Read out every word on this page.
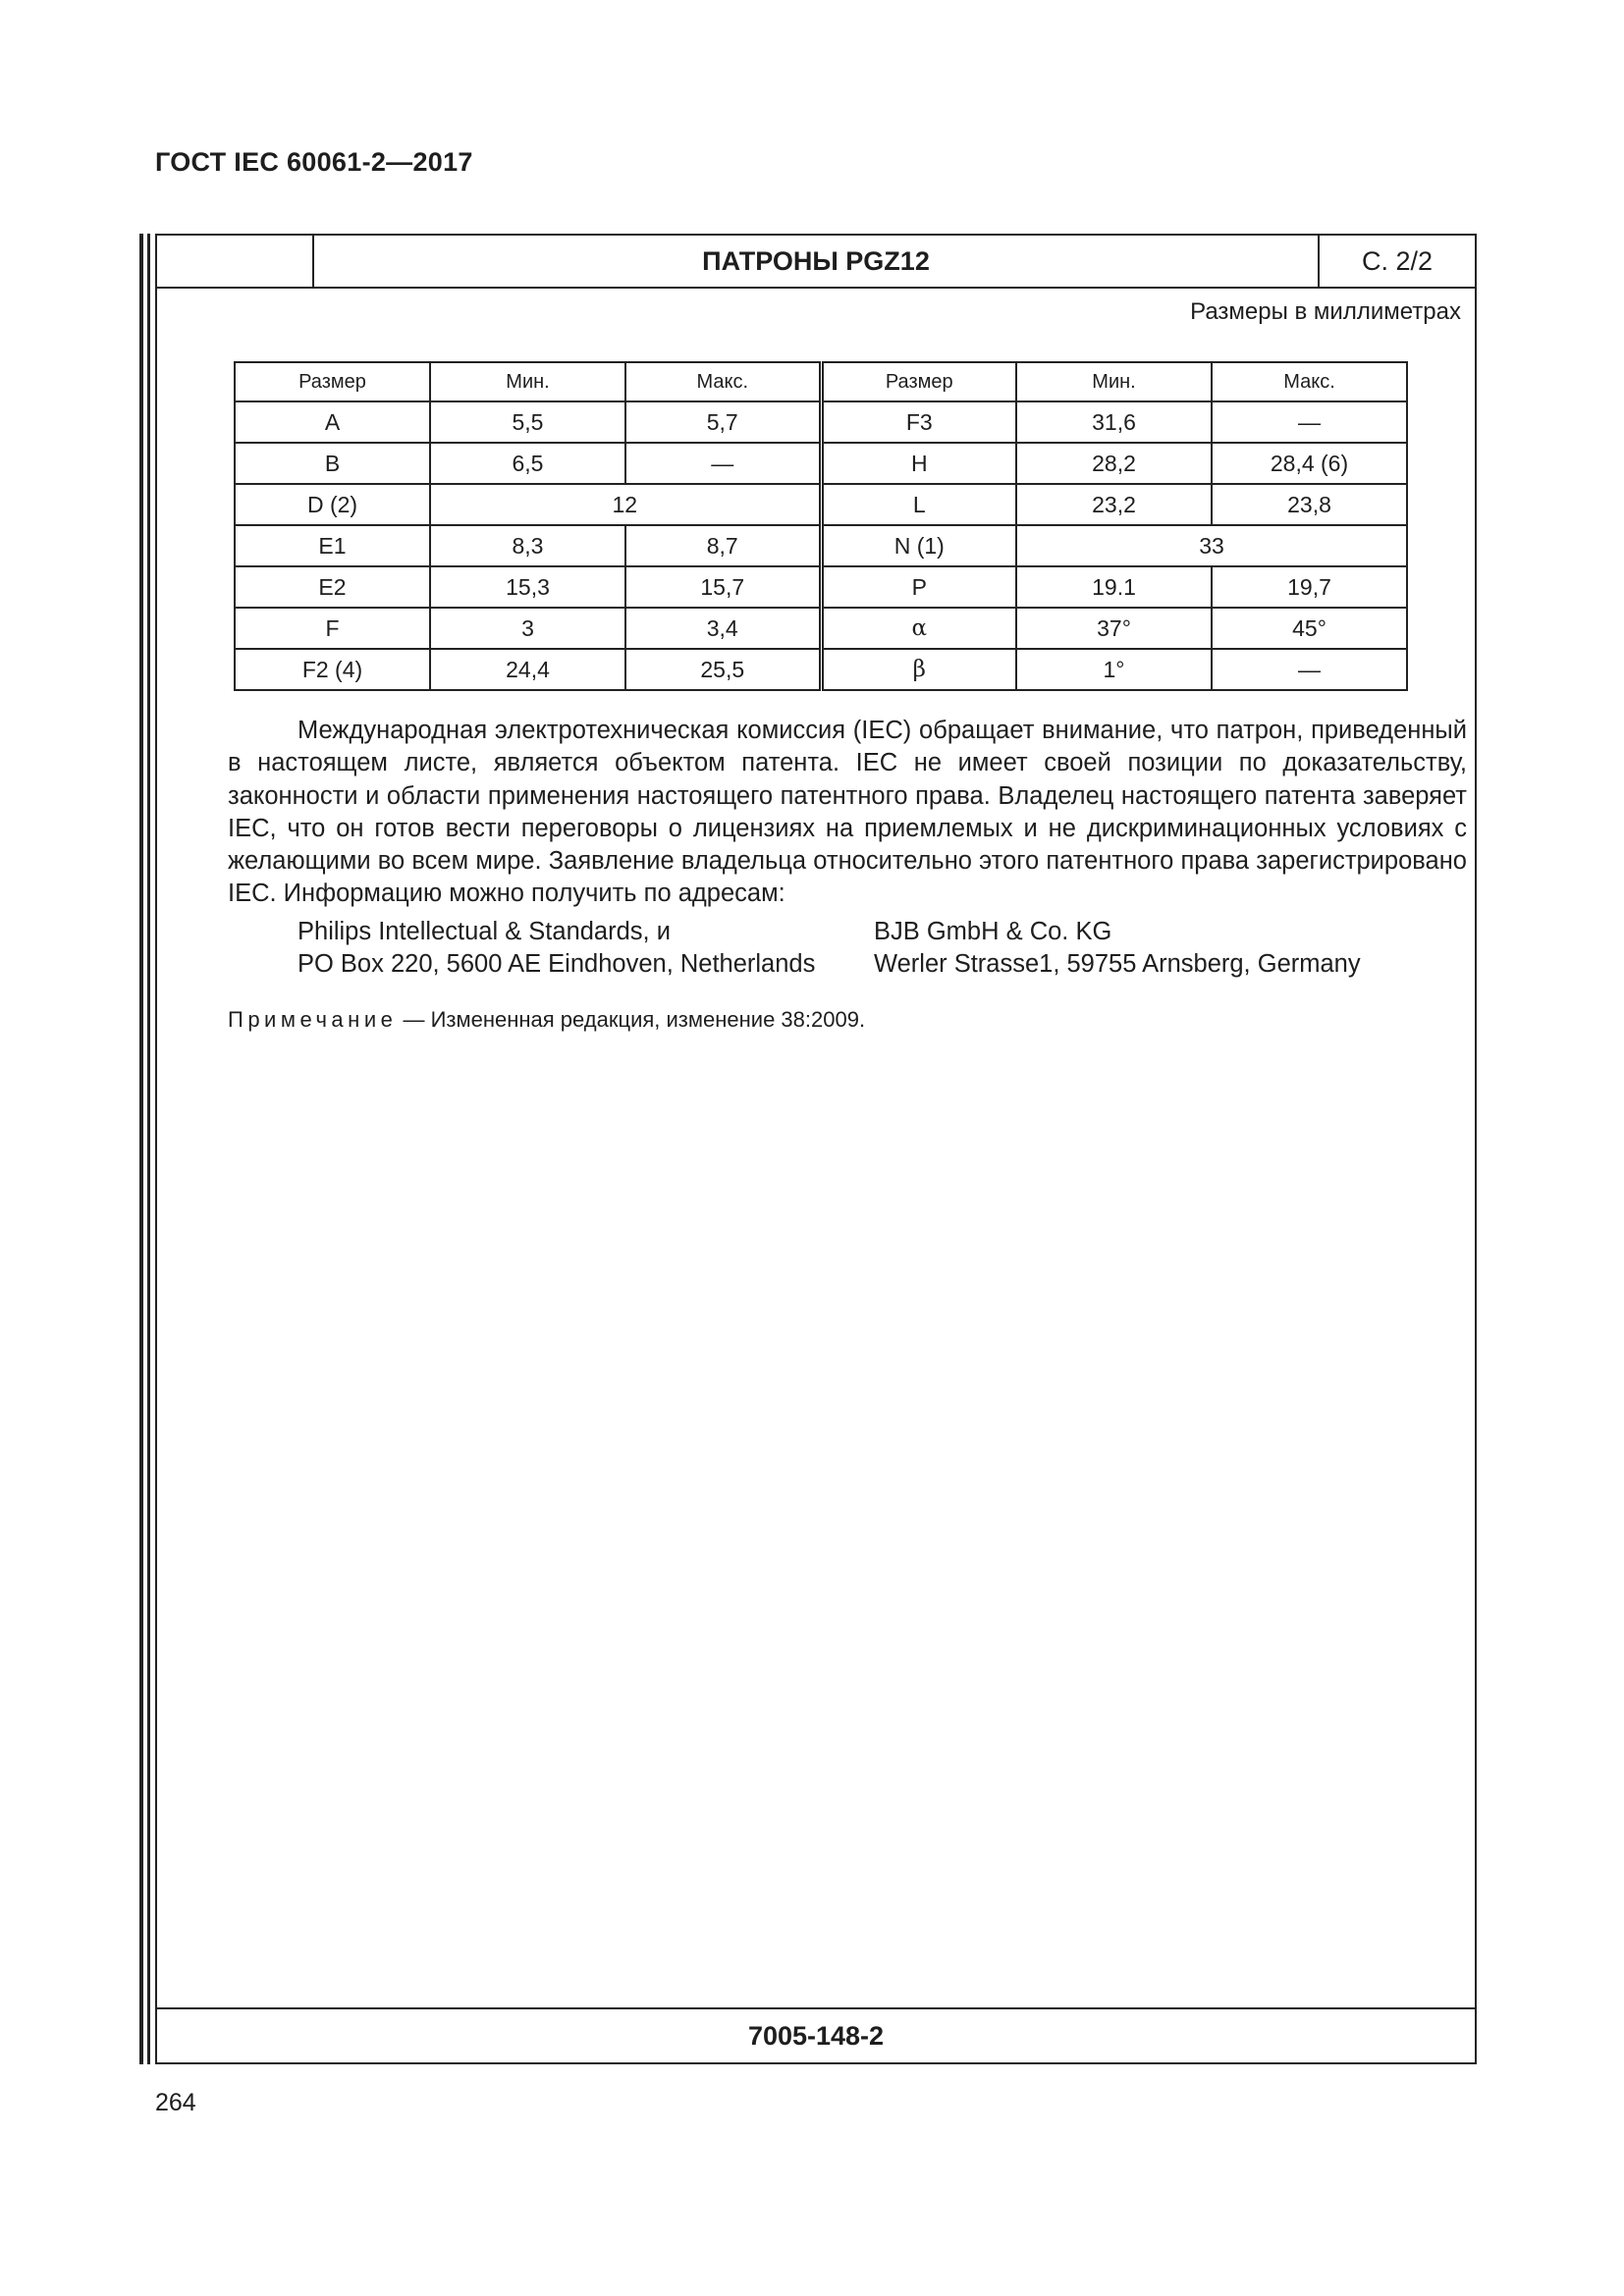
ГОСТ IEC 60061-2—2017
ПАТРОНЫ PGZ12	С. 2/2
Размеры в миллиметрах
Размер	Мин.	Макс.	Размер	Мин.	Макс.
A	5,5	5,7	F3	31,6	—
B	6,5	—	H	28,2	28,4 (6)
D (2)	12		L	23,2	23,8
E1	8,3	8,7	N (1)	33	
E2	15,3	15,7	P	19.1	19,7
F	3	3,4	α	37°	45°
F2 (4)	24,4	25,5	β	1°	—

Международная электротехническая комиссия (IEC) обращает внимание, что патрон, приведенный в настоящем листе, является объектом патента. IEC не имеет своей позиции по доказательству, законности и области применения настоящего патентного права. Владелец настоящего патента заверяет IEC, что он готов вести переговоры о лицензиях на приемлемых и не дискриминационных условиях с желающими во всем мире. Заявление владельца относительно этого патентного права зарегистрировано IEC. Информацию можно получить по адресам:

Philips Intellectual & Standards, и
PO Box 220, 5600 AE Eindhoven, Netherlands
BJB GmbH & Co. KG
Werler Strasse1, 59755 Arnsberg, Germany
Примечание — Измененная редакция, изменение 38:2009.
7005-148-2
264
